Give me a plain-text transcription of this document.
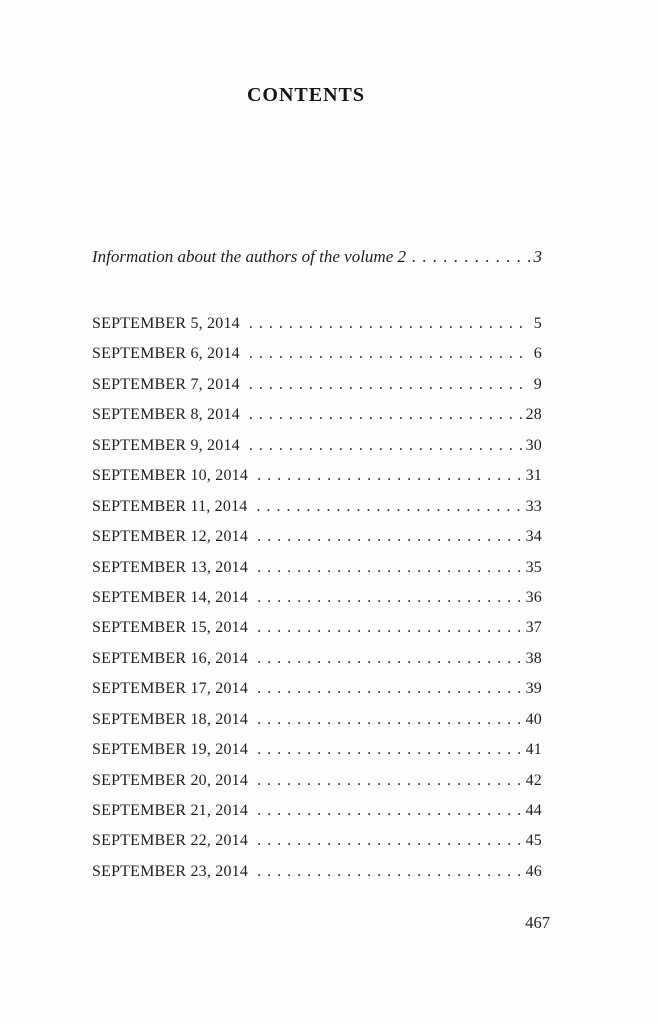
CONTENTS
Information about the authors of the volume 2 . . .	3
SEPTEMBER 5, 2014 . . .	5
SEPTEMBER 6, 2014 . . .	6
SEPTEMBER 7, 2014 . . .	9
SEPTEMBER 8, 2014 . . .	28
SEPTEMBER 9, 2014 . . .	30
SEPTEMBER 10, 2014 . . .	31
SEPTEMBER 11, 2014 . . .	33
SEPTEMBER 12, 2014 . . .	34
SEPTEMBER 13, 2014 . . .	35
SEPTEMBER 14, 2014 . . .	36
SEPTEMBER 15, 2014 . . .	37
SEPTEMBER 16, 2014 . . .	38
SEPTEMBER 17, 2014 . . .	39
SEPTEMBER 18, 2014 . . .	40
SEPTEMBER 19, 2014 . . .	41
SEPTEMBER 20, 2014 . . .	42
SEPTEMBER 21, 2014 . . .	44
SEPTEMBER 22, 2014 . . .	45
SEPTEMBER 23, 2014 . . .	46
467
